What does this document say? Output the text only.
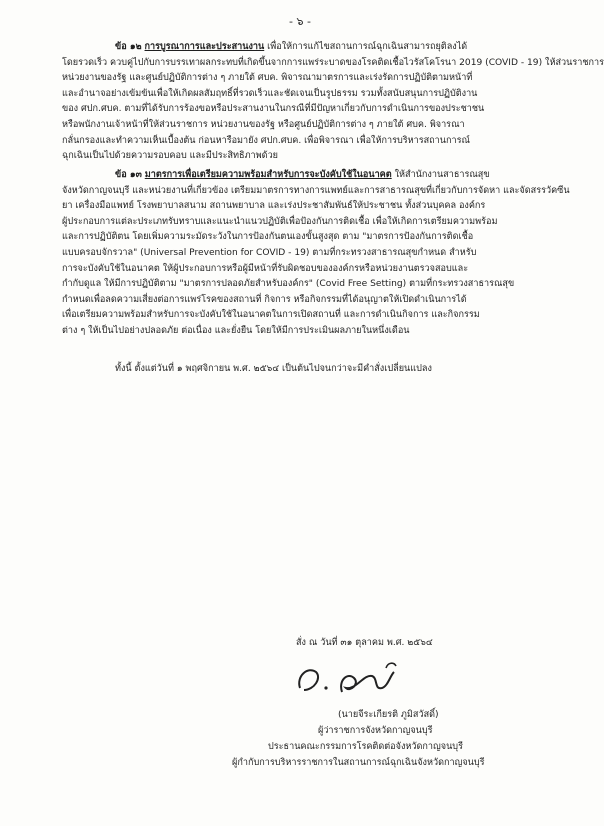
- ๖ -
ข้อ ๑๒ การบูรณาการและประสานงาน เพื่อให้การแก้ไขสถานการณ์ฉุกเฉินสามารถยุติลงได้
โดยรวดเร็ว ควบคู่ไปกับการบรรเทาผลกระทบที่เกิดขึ้นจากการแพร่ระบาดของโรคติดเชื้อไวรัสโคโรนา 2019 (COVID - 19) ให้ส่วนราชการ
หน่วยงานของรัฐ และศูนย์ปฏิบัติการต่าง ๆ ภายใต้ ศบค. พิจารณามาตรการและเร่งรัดการปฏิบัติตามหน้าที่
และอำนาจอย่างเข้มข้นเพื่อให้เกิดผลสัมฤทธิ์ที่รวดเร็วและชัดเจนเป็นรูปธรรม รวมทั้งสนับสนุนการปฏิบัติงาน
ของ ศปก.ศบค. ตามที่ได้รับการร้องขอหรือประสานงานในกรณีที่มีปัญหาเกี่ยวกับการดำเนินการของประชาชน
หรือพนักงานเจ้าหน้าที่ให้ส่วนราชการ หน่วยงานของรัฐ หรือศูนย์ปฏิบัติการต่าง ๆ ภายใต้ ศบค. พิจารณา
กลั่นกรองและทำความเห็นเบื้องต้น ก่อนหารือมายัง ศปก.ศบค. เพื่อพิจารณา เพื่อให้การบริหารสถานการณ์
ฉุกเฉินเป็นไปด้วยความรอบคอบ และมีประสิทธิภาพด้วย
ข้อ ๑๓ มาตรการเพื่อเตรียมความพร้อมสำหรับการจะบังคับใช้ในอนาคต ให้สำนักงานสาธารณสุข
จังหวัดกาญจนบุรี และหน่วยงานที่เกี่ยวข้อง เตรียมมาตรการทางการแพทย์และการสาธารณสุขที่เกี่ยวกับการจัดหา และจัดสรรวัคซีน
ยา เครื่องมือแพทย์ โรงพยาบาลสนาม สถานพยาบาล และเร่งประชาสัมพันธ์ให้ประชาชน ทั้งส่วนบุคคล องค์กร
ผู้ประกอบการแต่ละประเภทรับทราบและแนะนำแนวปฏิบัติเพื่อป้องกันการติดเชื้อ เพื่อให้เกิดการเตรียมความพร้อม
และการปฏิบัติตน โดยเพิ่มความระมัดระวังในการป้องกันตนเองขั้นสูงสุด ตาม "มาตรการป้องกันการติดเชื้อ
แบบครอบจักรวาล" (Universal Prevention for COVID - 19) ตามที่กระทรวงสาธารณสุขกำหนด สำหรับ
การจะบังคับใช้ในอนาคต ให้ผู้ประกอบการหรือผู้มีหน้าที่รับผิดชอบขององค์กรหรือหน่วยงานตรวจสอบและ
กำกับดูแล ให้มีการปฏิบัติตาม "มาตรการปลอดภัยสำหรับองค์กร" (Covid Free Setting) ตามที่กระทรวงสาธารณสุข
กำหนดเพื่อลดความเสี่ยงต่อการแพร่โรคของสถานที่ กิจการ หรือกิจกรรมที่ได้อนุญาตให้เปิดดำเนินการได้
เพื่อเตรียมความพร้อมสำหรับการจะบังคับใช้ในอนาคตในการเปิดสถานที่ และการดำเนินกิจการ และกิจกรรม
ต่าง ๆ ให้เป็นไปอย่างปลอดภัย ต่อเนื่อง และยั่งยืน โดยให้มีการประเมินผลภายในหนึ่งเดือน
ทั้งนี้ ตั้งแต่วันที่ ๑ พฤศจิกายน พ.ศ. ๒๕๖๔ เป็นต้นไปจนกว่าจะมีคำสั่งเปลี่ยนแปลง
สั่ง ณ วันที่ ๓๑ ตุลาคม พ.ศ. ๒๕๖๔
(นายจีระเกียรติ ภูมิสวัสดิ์)
ผู้ว่าราชการจังหวัดกาญจนบุรี
ประธานคณะกรรมการโรคติดต่อจังหวัดกาญจนบุรี
ผู้กำกับการบริหารราชการในสถานการณ์ฉุกเฉินจังหวัดกาญจนบุรี
